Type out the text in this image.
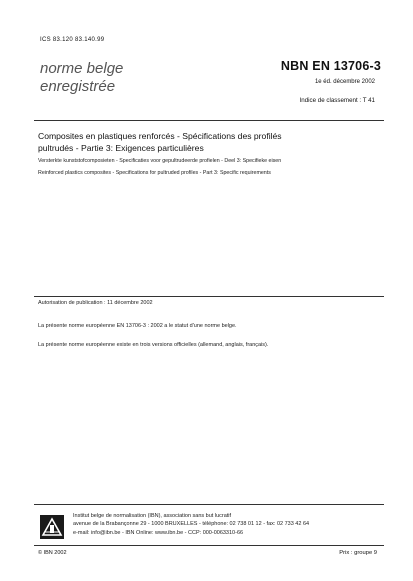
ICS 83.120 83.140.99
norme belge
enregistrée
NBN EN 13706-3
1e éd. décembre 2002
Indice de classement : T 41
Composites en plastiques renforcés - Spécifications des profilés
pultrudés - Partie 3: Exigences particulières
Versterkte kunststofcomposieten - Specificaties voor gepultrudeerde profielen - Deel 3: Specifieke eisen
Reinforced plastics composites - Specifications for pultruded profiles - Part 3: Specific requirements
Autorisation de publication : 11 décembre 2002
La présente norme européenne EN 13706-3 : 2002 a le statut d'une norme belge.
La présente norme européenne existe en trois versions officielles (allemand, anglais, français).
Institut belge de normalisation (IBN), association sans but lucratif
avenue de la Brabançonne 29 - 1000 BRUXELLES - téléphone: 02 738 01 12 - fax: 02 733 42 64
e-mail: info@ibn.be - IBN Online: www.ibn.be - CCP: 000-0063310-66
© IBN 2002	Prix : groupe 9
